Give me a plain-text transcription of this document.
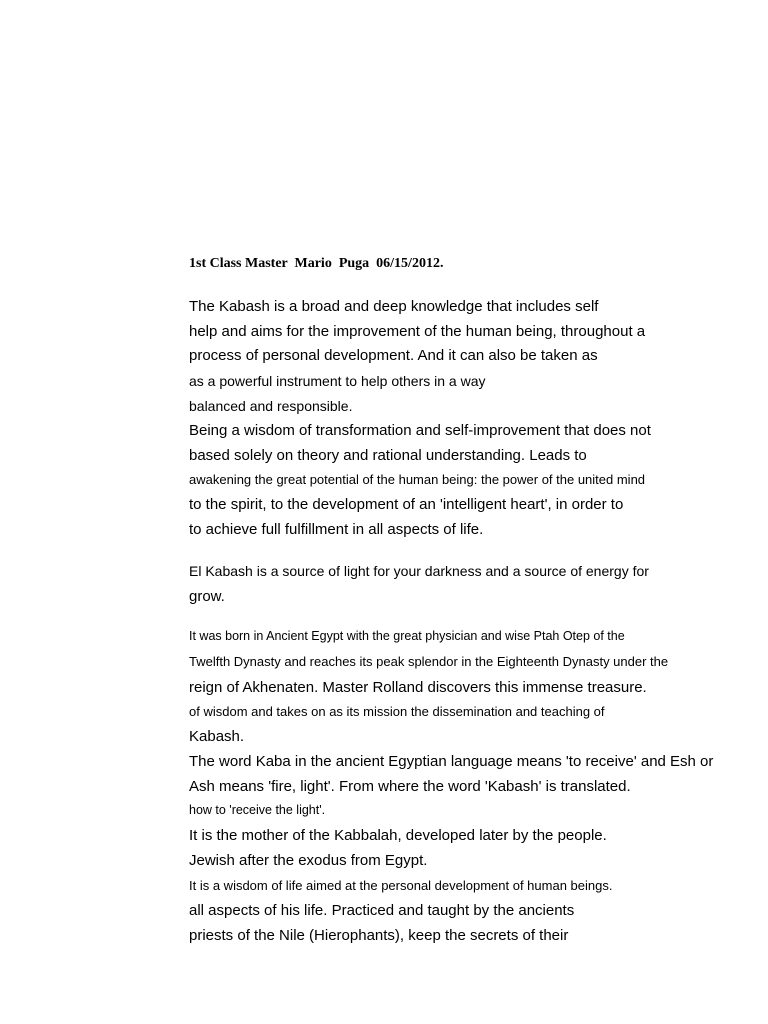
1st Class Master  Mario  Puga  06/15/2012.
The Kabash is a broad and deep knowledge that includes self
help and aims for the improvement of the human being, throughout a
process of personal development. And it can also be taken as
as a powerful instrument to help others in a way
balanced and responsible.
Being a wisdom of transformation and self-improvement that does not
based solely on theory and rational understanding. Leads to
awakening the great potential of the human being: the power of the united mind
to the spirit, to the development of an 'intelligent heart', in order to
to achieve full fulfillment in all aspects of life.
El Kabash is a source of light for your darkness and a source of energy for
grow.
It was born in Ancient Egypt with the great physician and wise Ptah Otep of the
Twelfth Dynasty and reaches its peak splendor in the Eighteenth Dynasty under the
reign of Akhenaten. Master Rolland discovers this immense treasure.
of wisdom and takes on as its mission the dissemination and teaching of
Kabash.
The word Kaba in the ancient Egyptian language means 'to receive' and Esh or
Ash means 'fire, light'. From where the word 'Kabash' is translated.
how to 'receive the light'.
It is the mother of the Kabbalah, developed later by the people.
Jewish after the exodus from Egypt.
It is a wisdom of life aimed at the personal development of human beings.
all aspects of his life. Practiced and taught by the ancients
priests of the Nile (Hierophants), keep the secrets of their
